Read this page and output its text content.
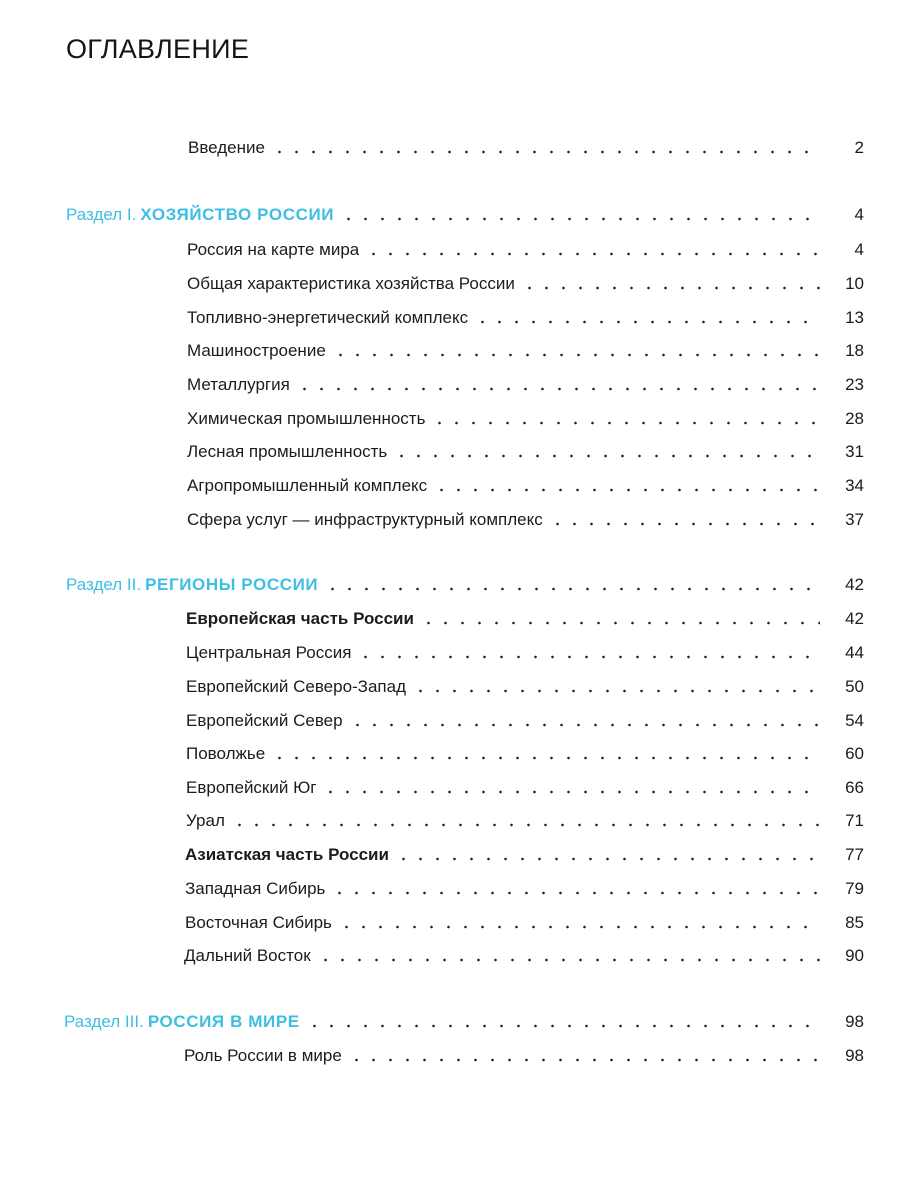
ОГЛАВЛЕНИЕ
Введение	2
Раздел I. ХОЗЯЙСТВО РОССИИ	4
Россия на карте мира	4
Общая характеристика хозяйства России	10
Топливно-энергетический комплекс	13
Машиностроение	18
Металлургия	23
Химическая промышленность	28
Лесная промышленность	31
Агропромышленный комплекс	34
Сфера услуг — инфраструктурный комплекс	37
Раздел II. РЕГИОНЫ РОССИИ	42
Европейская часть России	42
Центральная Россия	44
Европейский Северо-Запад	50
Европейский Север	54
Поволжье	60
Европейский Юг	66
Урал	71
Азиатская часть России	77
Западная Сибирь	79
Восточная Сибирь	85
Дальний Восток	90
Раздел III. РОССИЯ В МИРЕ	98
Роль России в мире	98
